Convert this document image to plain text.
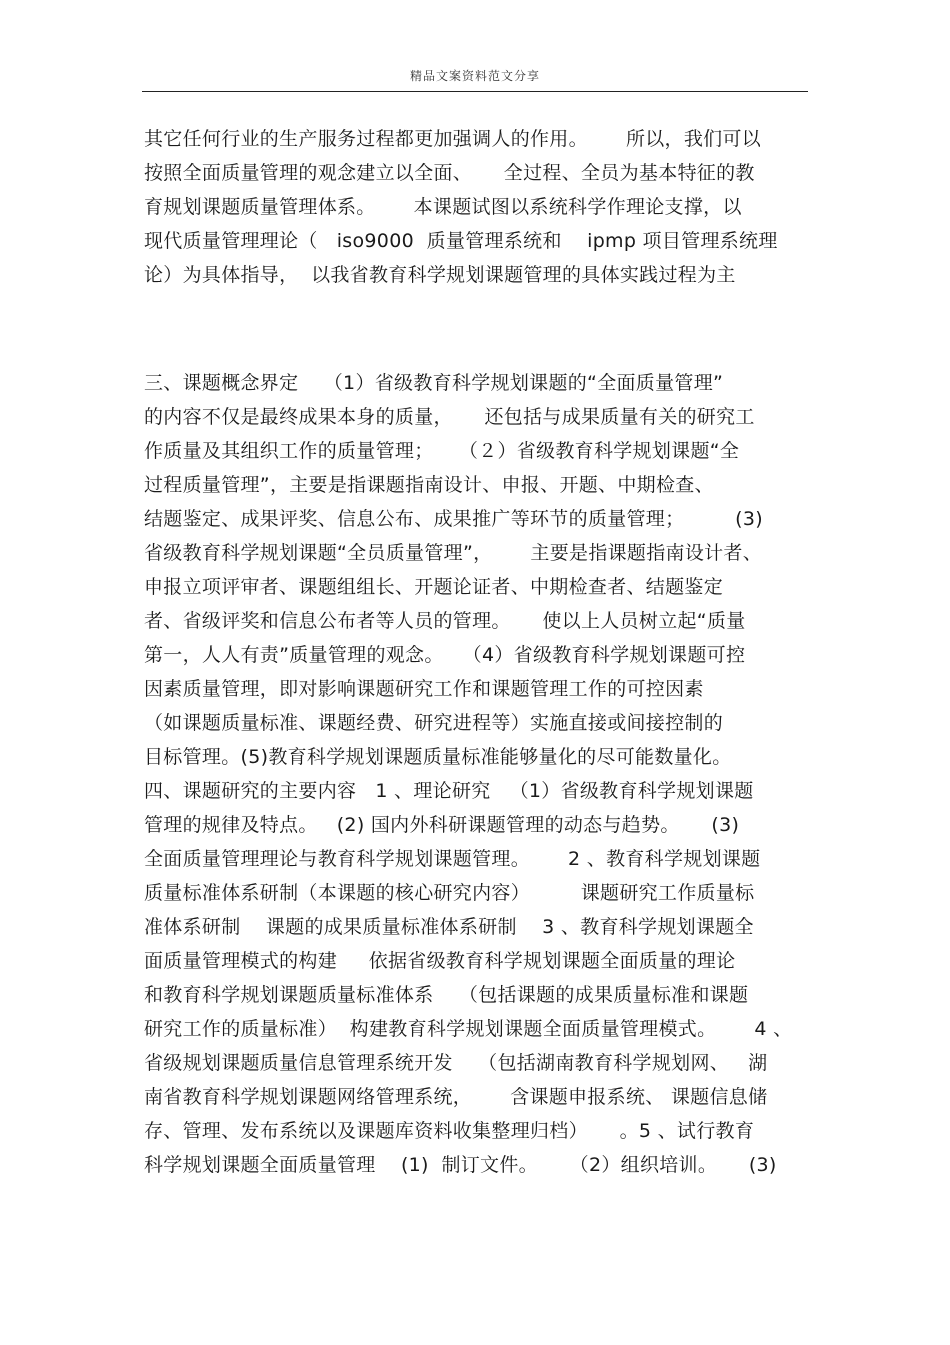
精品文案资料范文分享
其它任何行业的生产服务过程都更加强调人的作用。      所以，我们可以
按照全面质量管理的观念建立以全面、     全过程、全员为基本特征的教
育规划课题质量管理体系。      本课题试图以系统科学作理论支撑，以
现代质量管理理论（   iso9000  质量管理系统和    ipmp 项目管理系统理
论）为具体指导，  以我省教育科学规划课题管理的具体实践过程为主
三、课题概念界定    （1）省级教育科学规划课题的“全面质量管理”
的内容不仅是最终成果本身的质量，     还包括与成果质量有关的研究工
作质量及其组织工作的质量管理；    （２）省级教育科学规划课题“全
过程质量管理”，主要是指课题指南设计、申报、开题、中期检查、
结题鉴定、成果评奖、信息公布、成果推广等环节的质量管理；        (3)
省级教育科学规划课题“全员质量管理”，      主要是指课题指南设计者、
申报立项评审者、课题组组长、开题论证者、中期检查者、结题鉴定
者、省级评奖和信息公布者等人员的管理。     使以上人员树立起“质量
第一，人人有责”质量管理的观念。   （4）省级教育科学规划课题可控
因素质量管理，即对影响课题研究工作和课题管理工作的可控因素
（如课题质量标准、课题经费、研究进程等）实施直接或间接控制的
目标管理。(5)教育科学规划课题质量标准能够量化的尽可能数量化。
四、课题研究的主要内容   1 、理论研究   （1）省级教育科学规划课题
管理的规律及特点。   (2) 国内外科研课题管理的动态与趋势。     (3)
全面质量管理理论与教育科学规划课题管理。      2 、教育科学规划课题
质量标准体系研制（本课题的核心研究内容）        课题研究工作质量标
准体系研制    课题的成果质量标准体系研制    3 、教育科学规划课题全
面质量管理模式的构建     依据省级教育科学规划课题全面质量的理论
和教育科学规划课题质量标准体系    （包括课题的成果质量标准和课题
研究工作的质量标准）  构建教育科学规划课题全面质量管理模式。      4 、
省级规划课题质量信息管理系统开发    （包括湖南教育科学规划网、   湖
南省教育科学规划课题网络管理系统，      含课题申报系统、 课题信息储
存、管理、发布系统以及课题库资料收集整理归档）     。5 、试行教育
科学规划课题全面质量管理    (1)  制订文件。     （2）组织培训。     (3)
